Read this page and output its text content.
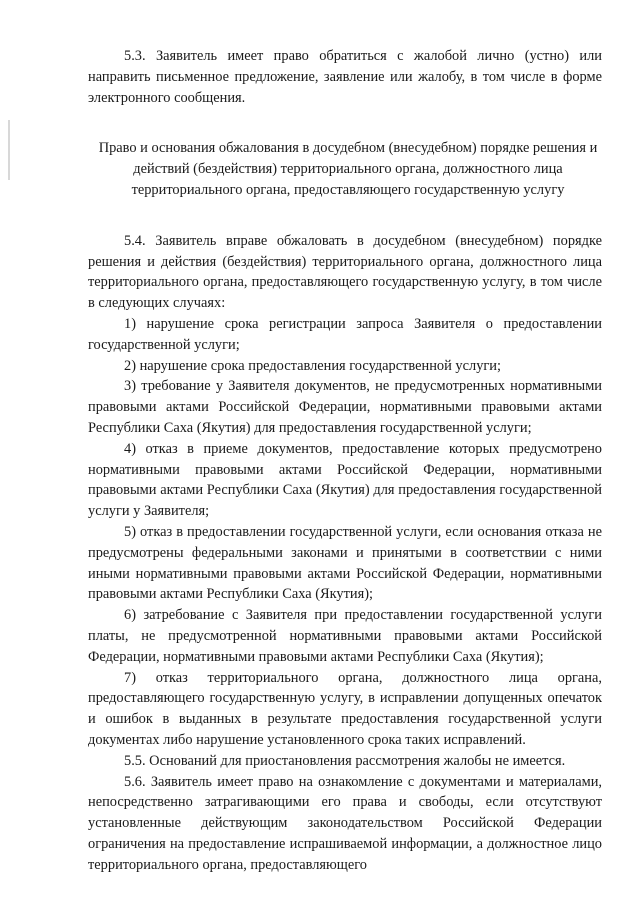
5.3. Заявитель имеет право обратиться с жалобой лично (устно) или направить письменное предложение, заявление или жалобу, в том числе в форме электронного сообщения.

Право и основания обжалования в досудебном (внесудебном) порядке решения и действий (бездействия) территориального органа, должностного лица территориального органа, предоставляющего государственную услугу

5.4. Заявитель вправе обжаловать в досудебном (внесудебном) порядке решения и действия (бездействия) территориального органа, должностного лица территориального органа, предоставляющего государственную услугу, в том числе в следующих случаях:

1) нарушение срока регистрации запроса Заявителя о предоставлении государственной услуги;

2) нарушение срока предоставления государственной услуги;

3) требование у Заявителя документов, не предусмотренных нормативными правовыми актами Российской Федерации, нормативными правовыми актами Республики Саха (Якутия) для предоставления государственной услуги;

4) отказ в приеме документов, предоставление которых предусмотрено нормативными правовыми актами Российской Федерации, нормативными правовыми актами Республики Саха (Якутия) для предоставления государственной услуги у Заявителя;

5) отказ в предоставлении государственной услуги, если основания отказа не предусмотрены федеральными законами и принятыми в соответствии с ними иными нормативными правовыми актами Российской Федерации, нормативными правовыми актами Республики Саха (Якутия);

6) затребование с Заявителя при предоставлении государственной услуги платы, не предусмотренной нормативными правовыми актами Российской Федерации, нормативными правовыми актами Республики Саха (Якутия);

7) отказ территориального органа, должностного лица органа, предоставляющего государственную услугу, в исправлении допущенных опечаток и ошибок в выданных в результате предоставления государственной услуги документах либо нарушение установленного срока таких исправлений.

5.5. Оснований для приостановления рассмотрения жалобы не имеется.

5.6. Заявитель имеет право на ознакомление с документами и материалами, непосредственно затрагивающими его права и свободы, если отсутствуют установленные действующим законодательством Российской Федерации ограничения на предоставление испрашиваемой информации, а должностное лицо территориального органа, предоставляющего
